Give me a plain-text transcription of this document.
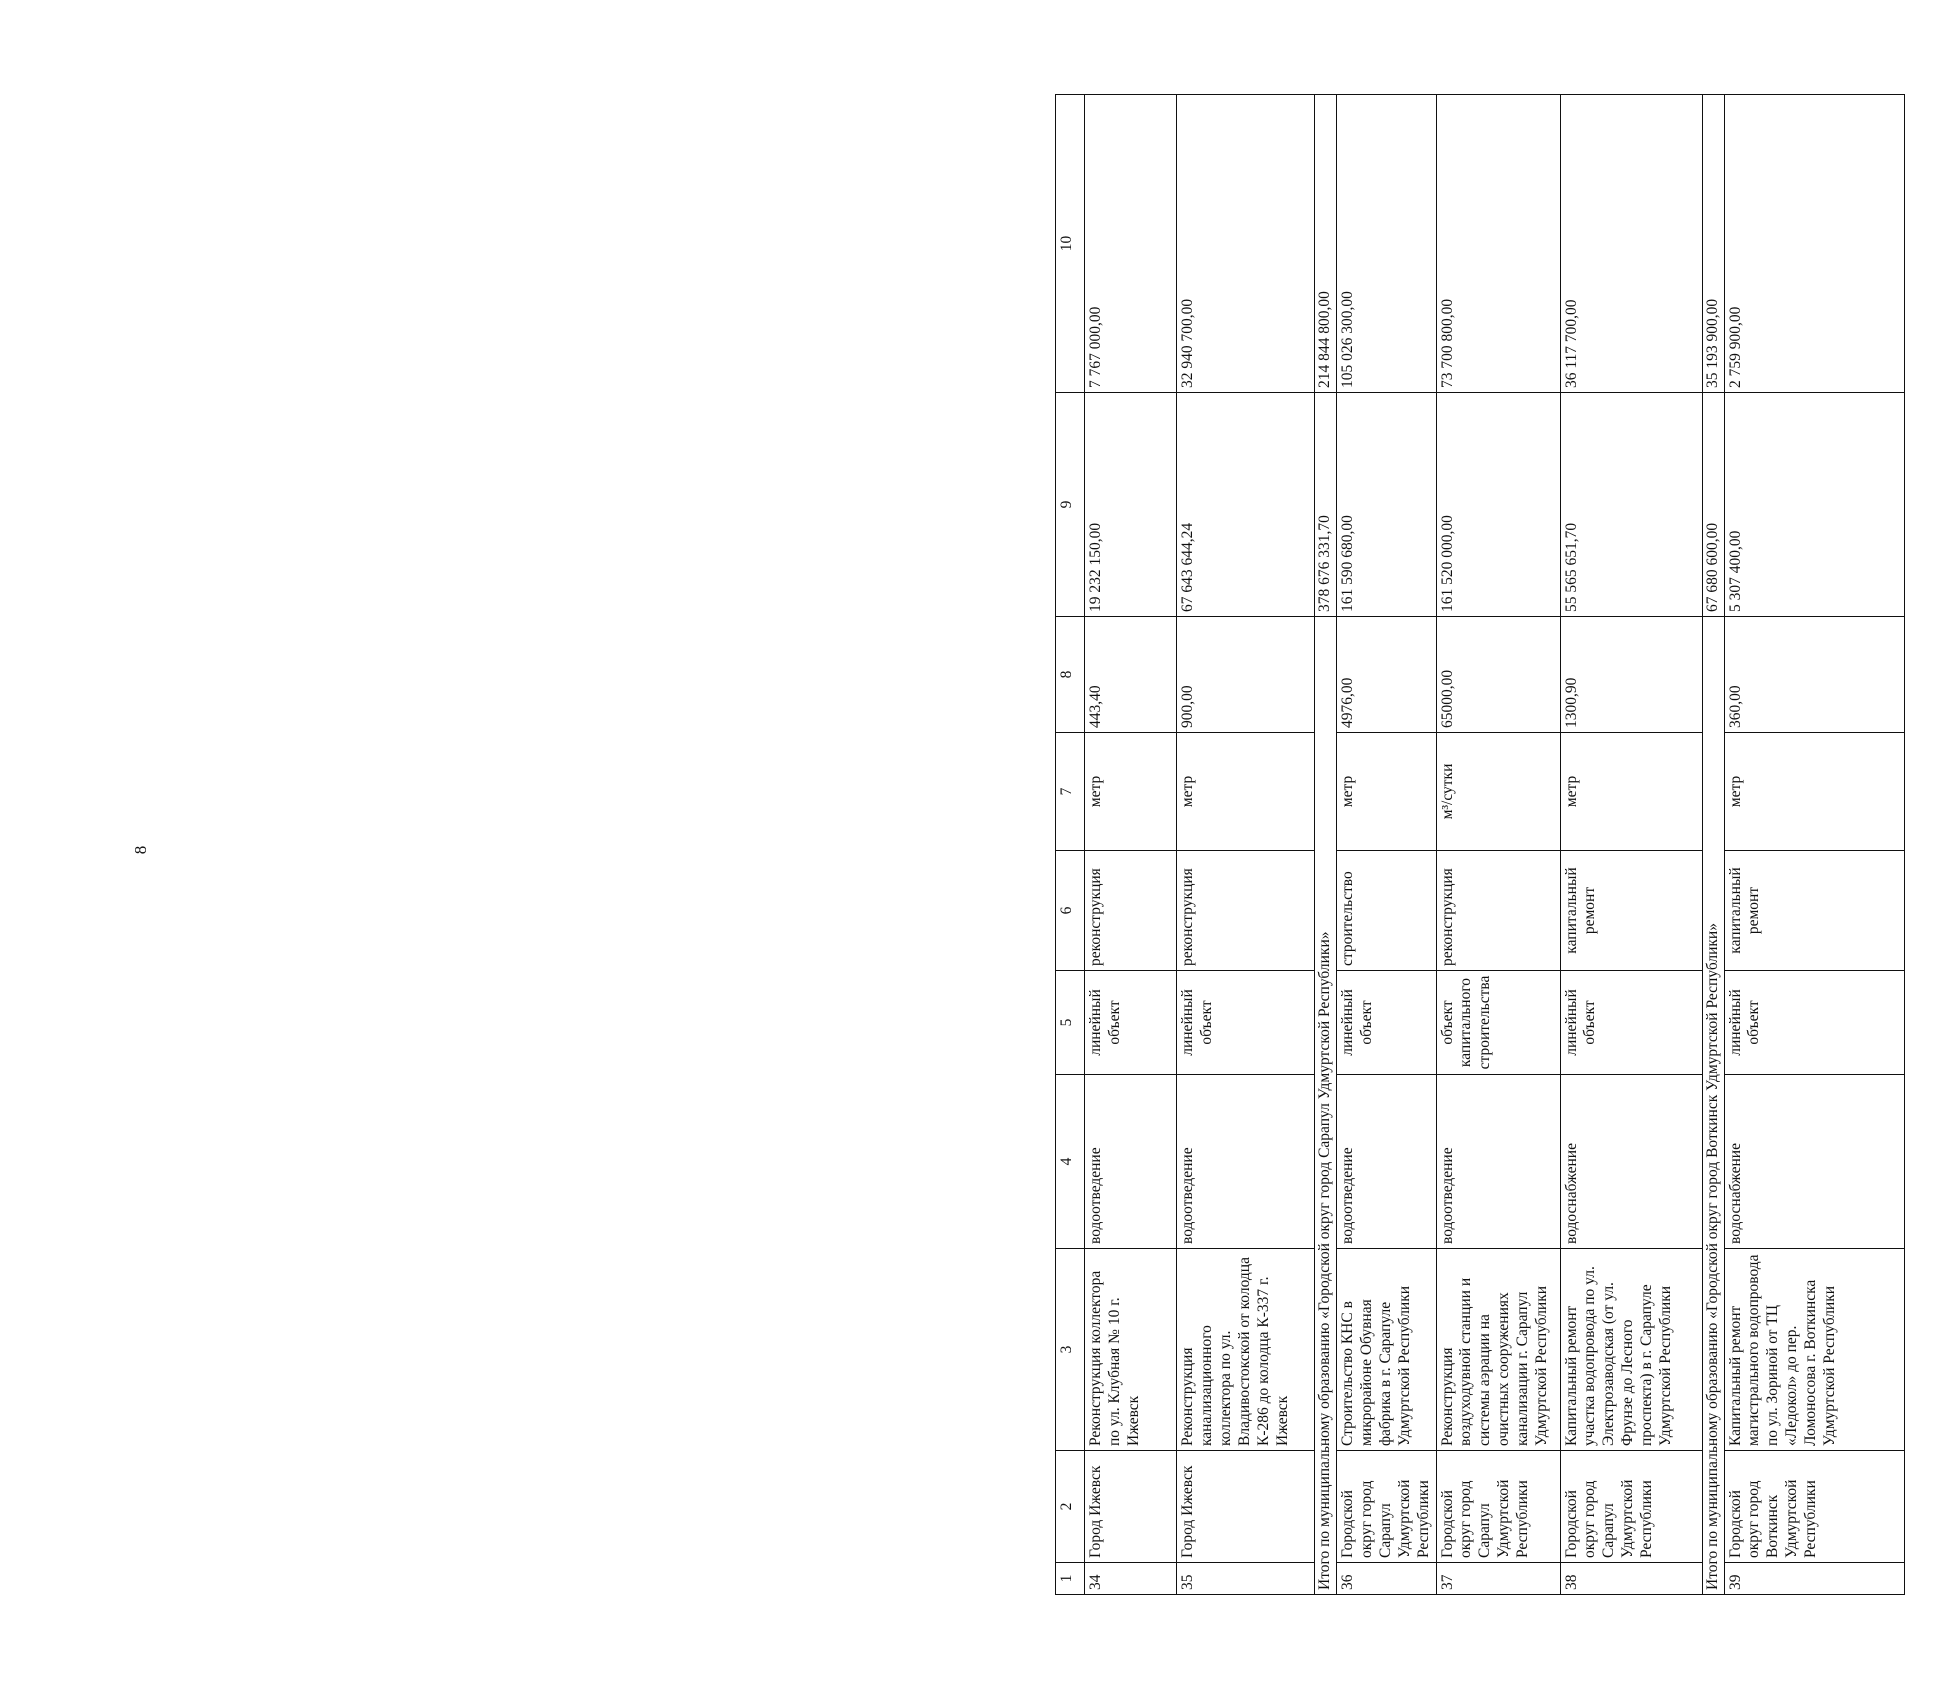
8
1	2	3	4	5	6	7	8	9	10
34	Город Ижевск	Реконструкция коллектора по ул. Клубная № 10 г. Ижевск	водоотведение	линейный объект	реконструкция	метр	443,40	19 232 150,00	7 767 000,00
35	Город Ижевск	Реконструкция канализационного коллектора по ул. Владивостокской от колодца К-286 до колодца К-337 г. Ижевск	водоотведение	линейный объект	реконструкция	метр	900,00	67 643 644,24	32 940 700,00
Итого по муниципальному образованию «Городской округ город Сарапул Удмуртской Республики»								378 676 331,70	214 844 800,00
36	Городской округ город Сарапул Удмуртской Республики	Строительство КНС в микрорайоне Обувная фабрика в г. Сарапуле Удмуртской Республики	водоотведение	линейный объект	строительство	метр	4976,00	161 590 680,00	105 026 300,00
37	Городской округ город Сарапул Удмуртской Республики	Реконструкция воздуходувной станции и системы аэрации на очистных сооружениях канализации г. Сарапул Удмуртской Республики	водоотведение	объект капитального строительства	реконструкция	м³/сутки	65000,00	161 520 000,00	73 700 800,00
38	Городской округ город Сарапул Удмуртской Республики	Капитальный ремонт участка водопровода по ул. Электрозаводская (от ул. Фрунзе до Лесного проспекта) в г. Сарапуле Удмуртской Республики	водоснабжение	линейный объект	капитальный ремонт	метр	1300,90	55 565 651,70	36 117 700,00
Итого по муниципальному образованию «Городской округ город Воткинск Удмуртской Республики»								67 680 600,00	35 193 900,00
39	Городской округ город Воткинск Удмуртской Республики	Капитальный ремонт магистрального водопровода по ул. Зориной от ТЦ «Ледокол» до пер. Ломоносова г. Воткинска Удмуртской Республики	водоснабжение	линейный объект	капитальный ремонт	метр	360,00	5 307 400,00	2 759 900,00
